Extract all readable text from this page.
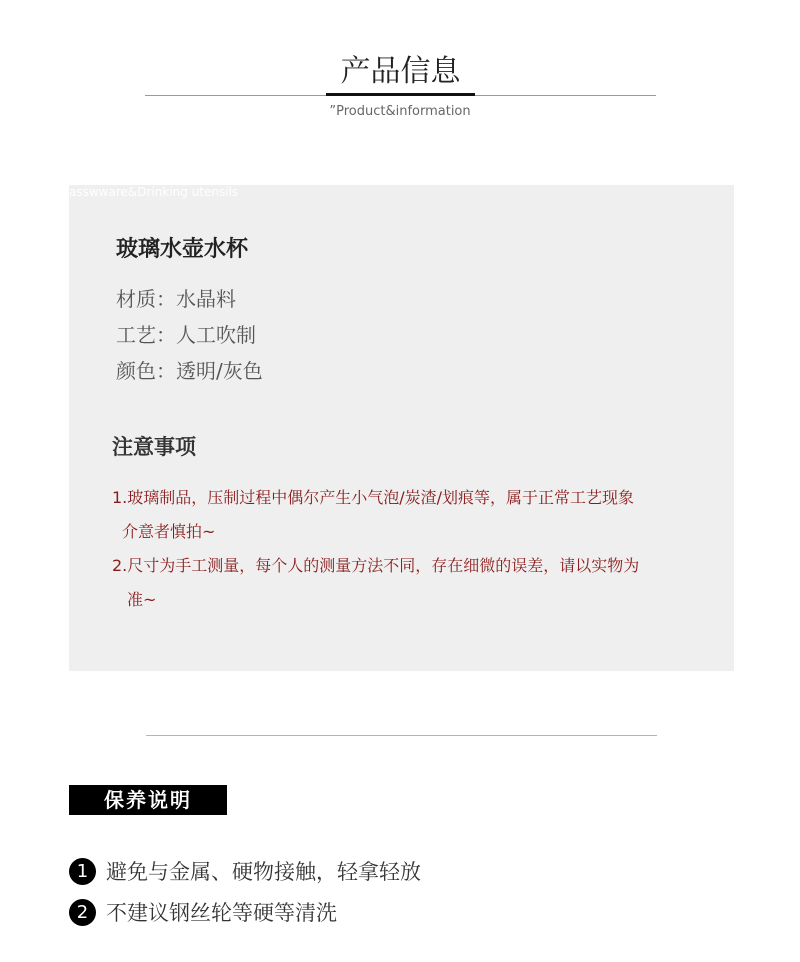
产品信息
”Product&information
asswware&Drinking utensils
玻璃水壶水杯
材质：水晶料
工艺：人工吹制
颜色：透明/灰色
注意事项
1.玻璃制品，压制过程中偶尔产生小气泡/炭渣/划痕等，属于正常工艺现象
介意者慎拍~
2.尺寸为手工测量，每个人的测量方法不同，存在细微的误差，请以实物为
准~
保养说明
1 避免与金属、硬物接触，轻拿轻放
2 不建议钢丝轮等硬等清洗
